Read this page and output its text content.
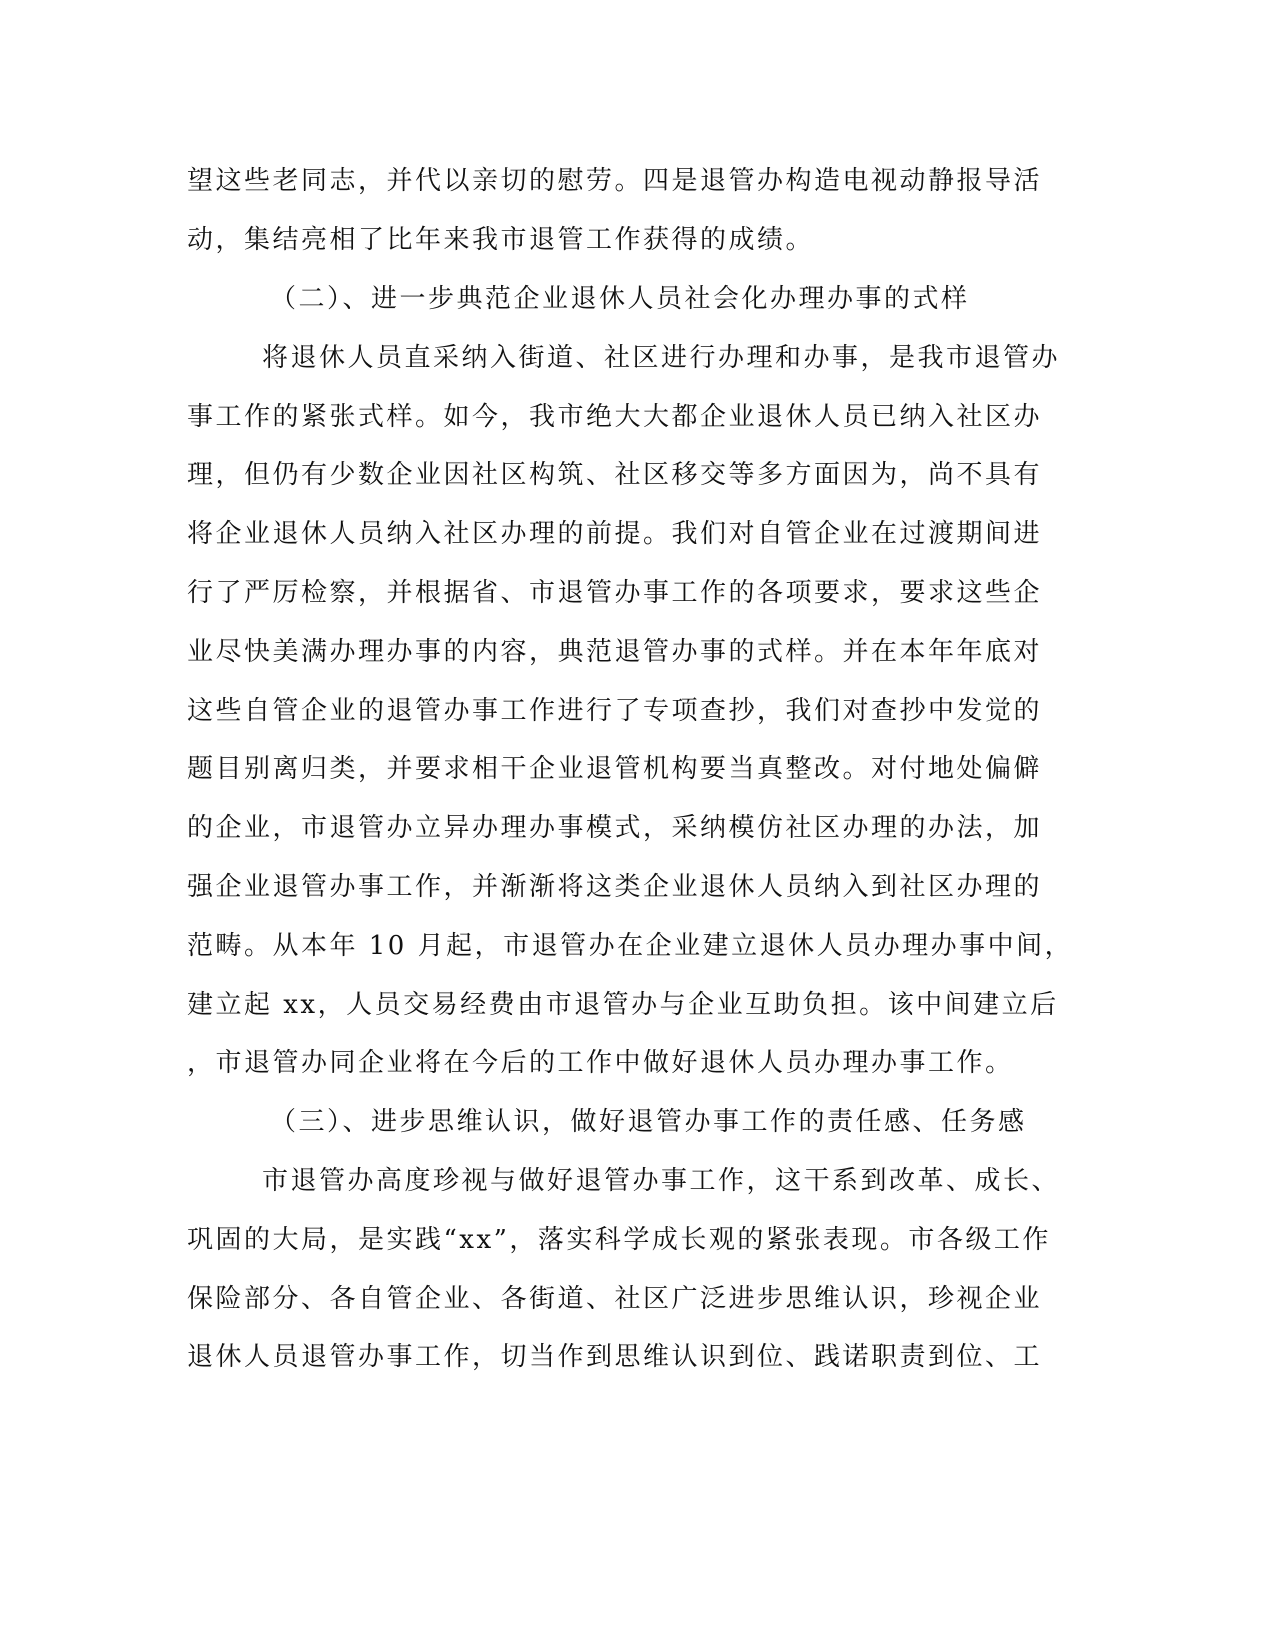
望这些老同志，并代以亲切的慰劳。四是退管办构造电视动静报导活
动，集结亮相了比年来我市退管工作获得的成绩。
（二）、进一步典范企业退休人员社会化办理办事的式样
将退休人员直采纳入街道、社区进行办理和办事，是我市退管办
事工作的紧张式样。如今，我市绝大大都企业退休人员已纳入社区办
理，但仍有少数企业因社区构筑、社区移交等多方面因为，尚不具有
将企业退休人员纳入社区办理的前提。我们对自管企业在过渡期间进
行了严厉检察，并根据省、市退管办事工作的各项要求，要求这些企
业尽快美满办理办事的内容，典范退管办事的式样。并在本年年底对
这些自管企业的退管办事工作进行了专项查抄，我们对查抄中发觉的
题目别离归类，并要求相干企业退管机构要当真整改。对付地处偏僻
的企业，市退管办立异办理办事模式，采纳模仿社区办理的办法，加
强企业退管办事工作，并渐渐将这类企业退休人员纳入到社区办理的
范畴。从本年 10 月起，市退管办在企业建立退休人员办理办事中间，
建立起 xx，人员交易经费由市退管办与企业互助负担。该中间建立后
，市退管办同企业将在今后的工作中做好退休人员办理办事工作。
（三）、进步思维认识，做好退管办事工作的责任感、任务感
市退管办高度珍视与做好退管办事工作，这干系到改革、成长、
巩固的大局，是实践“xx”，落实科学成长观的紧张表现。市各级工作
保险部分、各自管企业、各街道、社区广泛进步思维认识，珍视企业
退休人员退管办事工作，切当作到思维认识到位、践诺职责到位、工
